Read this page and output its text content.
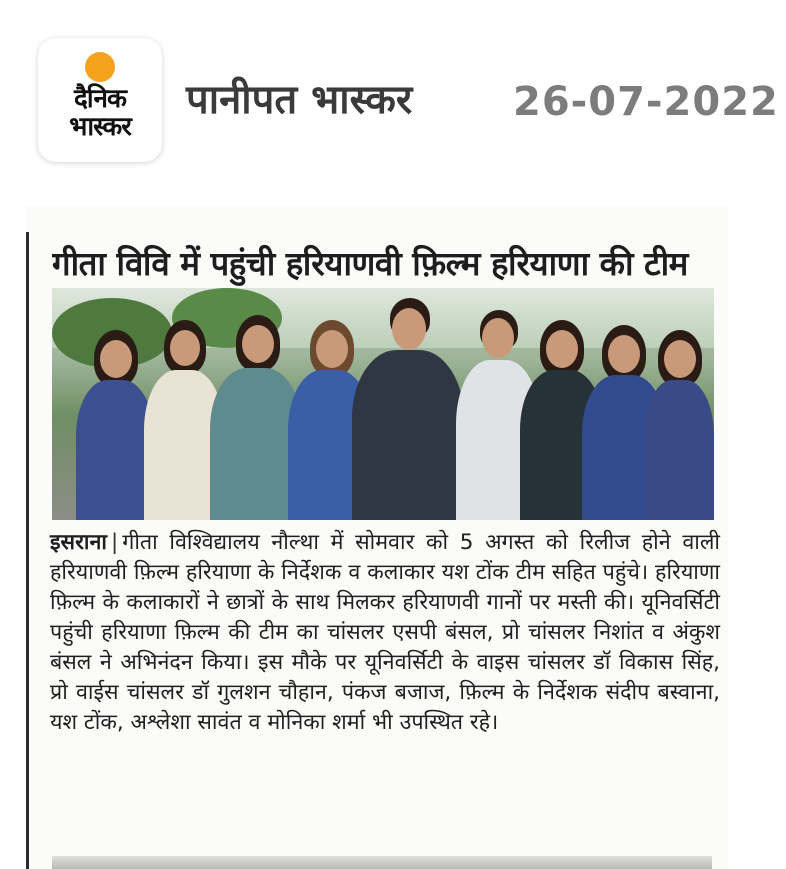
दैनिक
भास्कर
पानीपत भास्कर	26-07-2022
गीता विवि में पहुंची हरियाणवी फ़िल्म हरियाणा की टीम
इसराना | गीता विश्विद्यालय नौल्था में सोमवार को 5 अगस्त को रिलीज होने वाली हरियाणवी फ़िल्म हरियाणा के निर्देशक व कलाकार यश टोंक टीम सहित पहुंचे। हरियाणा फ़िल्म के कलाकारों ने छात्रों के साथ मिलकर हरियाणवी गानों पर मस्ती की। यूनिवर्सिटी पहुंची हरियाणा फ़िल्म की टीम का चांसलर एसपी बंसल, प्रो चांसलर निशांत व अंकुश बंसल ने अभिनंदन किया। इस मौके पर यूनिवर्सिटी के वाइस चांसलर डॉ विकास सिंह, प्रो वाईस चांसलर डॉ गुलशन चौहान, पंकज बजाज, फ़िल्म के निर्देशक संदीप बस्वाना, यश टोंक, अश्लेशा सावंत व मोनिका शर्मा भी उपस्थित रहे।
